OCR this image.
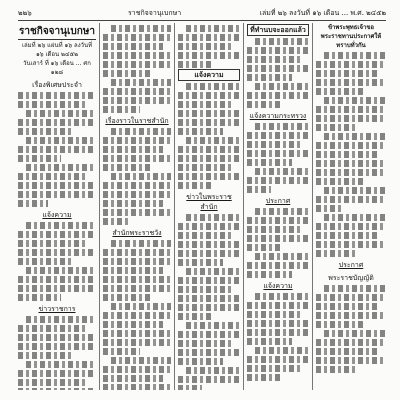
๒๒๖	ราชกิจจานุเบกษา	เล่มที่ ๒๖ ลงวันที่ ๑๖ เดือน ... พ.ศ. ๒๔๕๒
ราชกิจจานุเบกษา
เล่มที่ ๒๖ แผ่นที่ ๑๖ ลงวันที่ ๑๖ เดือน ๒๔๕๒
วันเสาร์ ที่ ๑๖ เดือน ... ศก ๑๒๘
เรื่องพิเศษประจำ
แจ้งความ
ข่าวราชการ
เรื่องราวในราชสำนัก
สำนักพระราชวัง
แจ้งความ
ข่าวในพระราชสำนัก
ที่ทำนบจะออกแล้ว
แจ้งความกระทรวง
ประกาศ
แจ้งความ
ข้าพระพุทธเจ้าขอพระราชทานประกาศให้ทราบทั่วกัน
ประกาศ
พระราชบัญญัติ
